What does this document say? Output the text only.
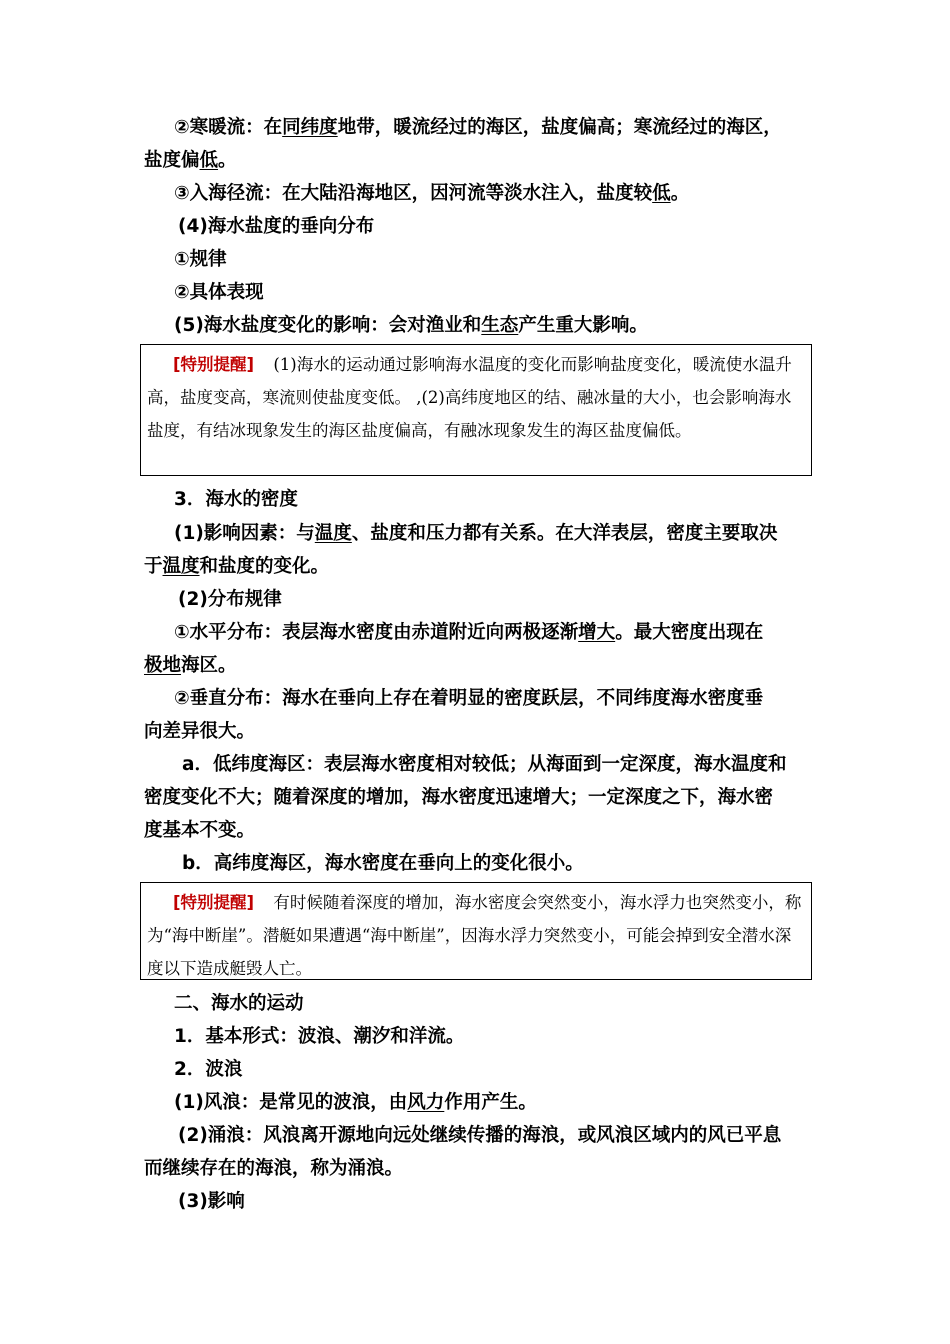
②寒暖流：在同纬度地带，暖流经过的海区，盐度偏高；寒流经过的海区，

盐度偏低。

③入海径流：在大陆沿海地区，因河流等淡水注入，盐度较低。

(4)海水盐度的垂向分布

①规律

②具体表现

(5)海水盐度变化的影响：会对渔业和生态产生重大影响。

[特别提醒] (1)海水的运动通过影响海水温度的变化而影响盐度变化，暖流使水温升高，盐度变高，寒流则使盐度变低。 ,(2)高纬度地区的结、融冰量的大小，也会影响海水盐度，有结冰现象发生的海区盐度偏高，有融冰现象发生的海区盐度偏低。

3．海水的密度

(1)影响因素：与温度、盐度和压力都有关系。在大洋表层，密度主要取决

于温度和盐度的变化。

(2)分布规律

①水平分布：表层海水密度由赤道附近向两极逐渐增大。最大密度出现在

极地海区。

②垂直分布：海水在垂向上存在着明显的密度跃层，不同纬度海水密度垂

向差异很大。

a．低纬度海区：表层海水密度相对较低；从海面到一定深度，海水温度和

密度变化不大；随着深度的增加，海水密度迅速增大；一定深度之下，海水密

度基本不变。

b．高纬度海区，海水密度在垂向上的变化很小。

[特别提醒] 有时候随着深度的增加，海水密度会突然变小，海水浮力也突然变小，称为“海中断崖”。潜艇如果遭遇“海中断崖”，因海水浮力突然变小，可能会掉到安全潜水深度以下造成艇毁人亡。

二、海水的运动

1．基本形式：波浪、潮汐和洋流。

2．波浪

(1)风浪：是常见的波浪，由风力作用产生。

(2)涌浪：风浪离开源地向远处继续传播的海浪，或风浪区域内的风已平息

而继续存在的海浪，称为涌浪。

(3)影响
